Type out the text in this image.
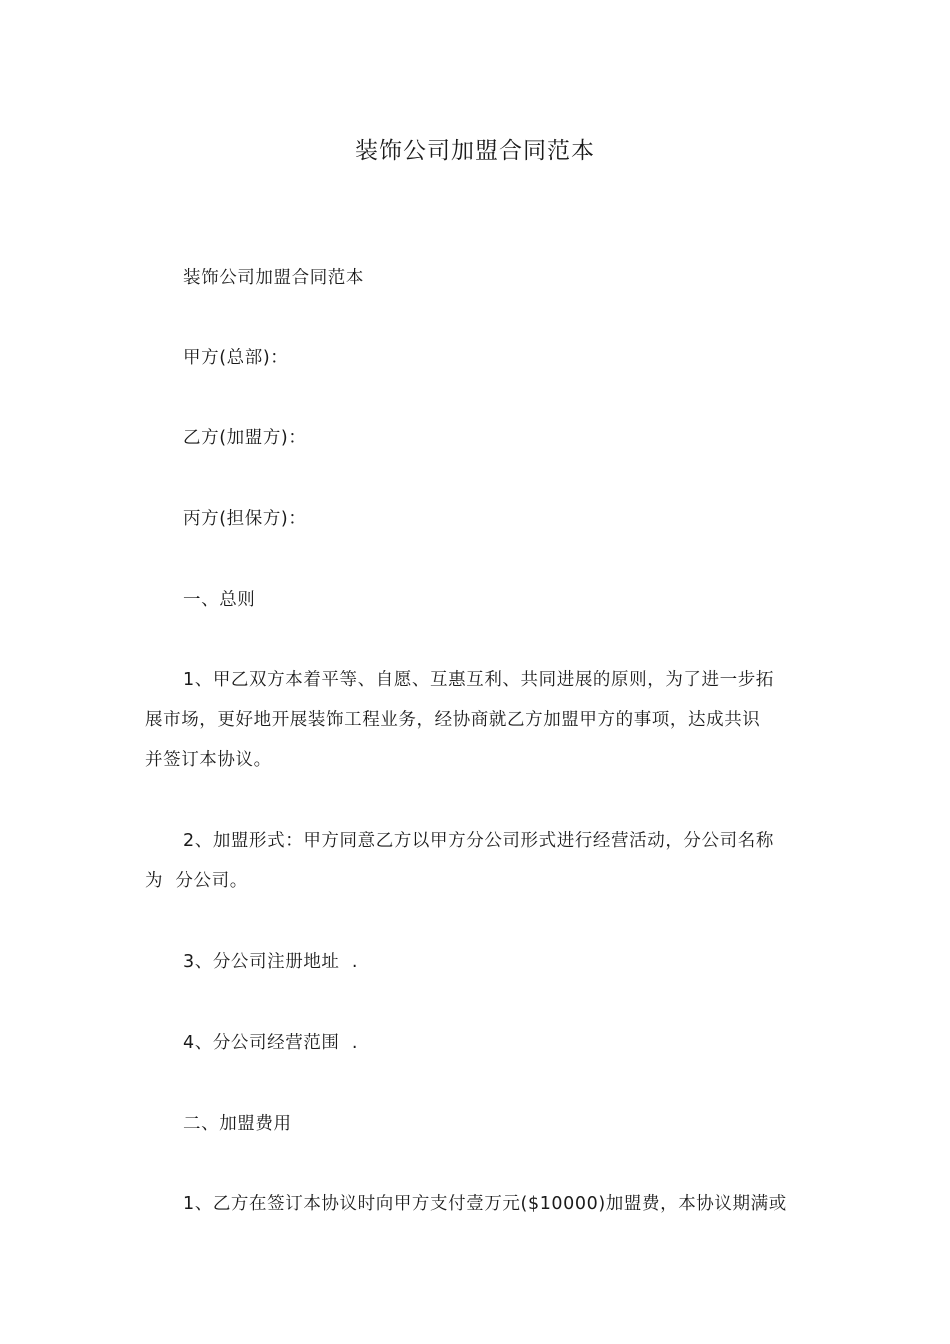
装饰公司加盟合同范本
装饰公司加盟合同范本
甲方(总部)：
乙方(加盟方)：
丙方(担保方)：
一、总则
1、甲乙双方本着平等、自愿、互惠互利、共同进展的原则，为了进一步拓
展市场，更好地开展装饰工程业务，经协商就乙方加盟甲方的事项，达成共识
并签订本协议。
2、加盟形式：甲方同意乙方以甲方分公司形式进行经营活动，分公司名称
为  分公司。
3、分公司注册地址  .
4、分公司经营范围  .
二、加盟费用
1、乙方在签订本协议时向甲方支付壹万元($10000)加盟费，本协议期满或
